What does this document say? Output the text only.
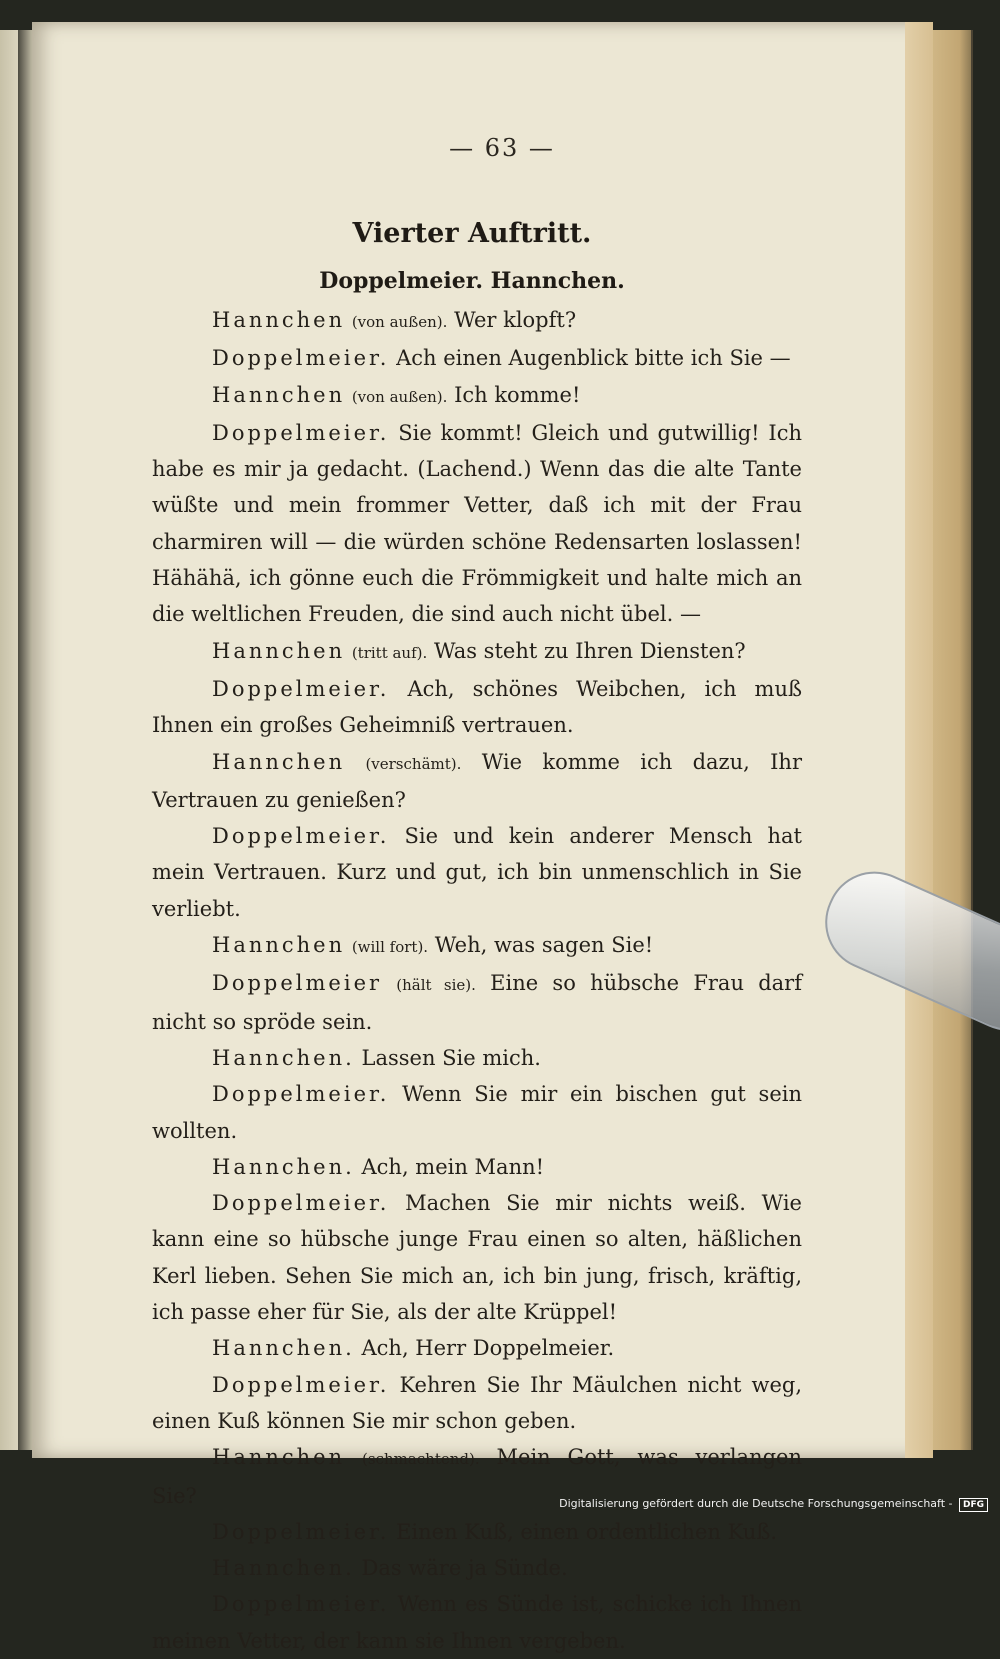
— 63 —
Vierter Auftritt.
Doppelmeier. Hannchen.

Hannchen (von außen). Wer klopft?

Doppelmeier. Ach einen Augenblick bitte ich Sie —

Hannchen (von außen). Ich komme!

Doppelmeier. Sie kommt! Gleich und gutwillig! Ich habe es mir ja gedacht. (Lachend.) Wenn das die alte Tante wüßte und mein frommer Vetter, daß ich mit der Frau charmiren will — die würden schöne Redensarten loslassen! Hähähä, ich gönne euch die Frömmigkeit und halte mich an die weltlichen Freuden, die sind auch nicht übel. —

Hannchen (tritt auf). Was steht zu Ihren Diensten?

Doppelmeier. Ach, schönes Weibchen, ich muß Ihnen ein großes Geheimniß vertrauen.

Hannchen (verschämt). Wie komme ich dazu, Ihr Vertrauen zu genießen?

Doppelmeier. Sie und kein anderer Mensch hat mein Vertrauen. Kurz und gut, ich bin unmenschlich in Sie verliebt.

Hannchen (will fort). Weh, was sagen Sie!

Doppelmeier (hält sie). Eine so hübsche Frau darf nicht so spröde sein.

Hannchen. Lassen Sie mich.

Doppelmeier. Wenn Sie mir ein bischen gut sein wollten.

Hannchen. Ach, mein Mann!

Doppelmeier. Machen Sie mir nichts weiß. Wie kann eine so hübsche junge Frau einen so alten, häßlichen Kerl lieben. Sehen Sie mich an, ich bin jung, frisch, kräftig, ich passe eher für Sie, als der alte Krüppel!

Hannchen. Ach, Herr Doppelmeier.

Doppelmeier. Kehren Sie Ihr Mäulchen nicht weg, einen Kuß können Sie mir schon geben.

Hannchen (schmachtend). Mein Gott, was verlangen Sie?

Doppelmeier. Einen Kuß, einen ordentlichen Kuß.

Hannchen. Das wäre ja Sünde.

Doppelmeier. Wenn es Sünde ist, schicke ich Ihnen meinen Vetter, der kann sie Ihnen vergeben.

Digitalisierung gefördert durch die Deutsche Forschungsgemeinschaft - DFG
